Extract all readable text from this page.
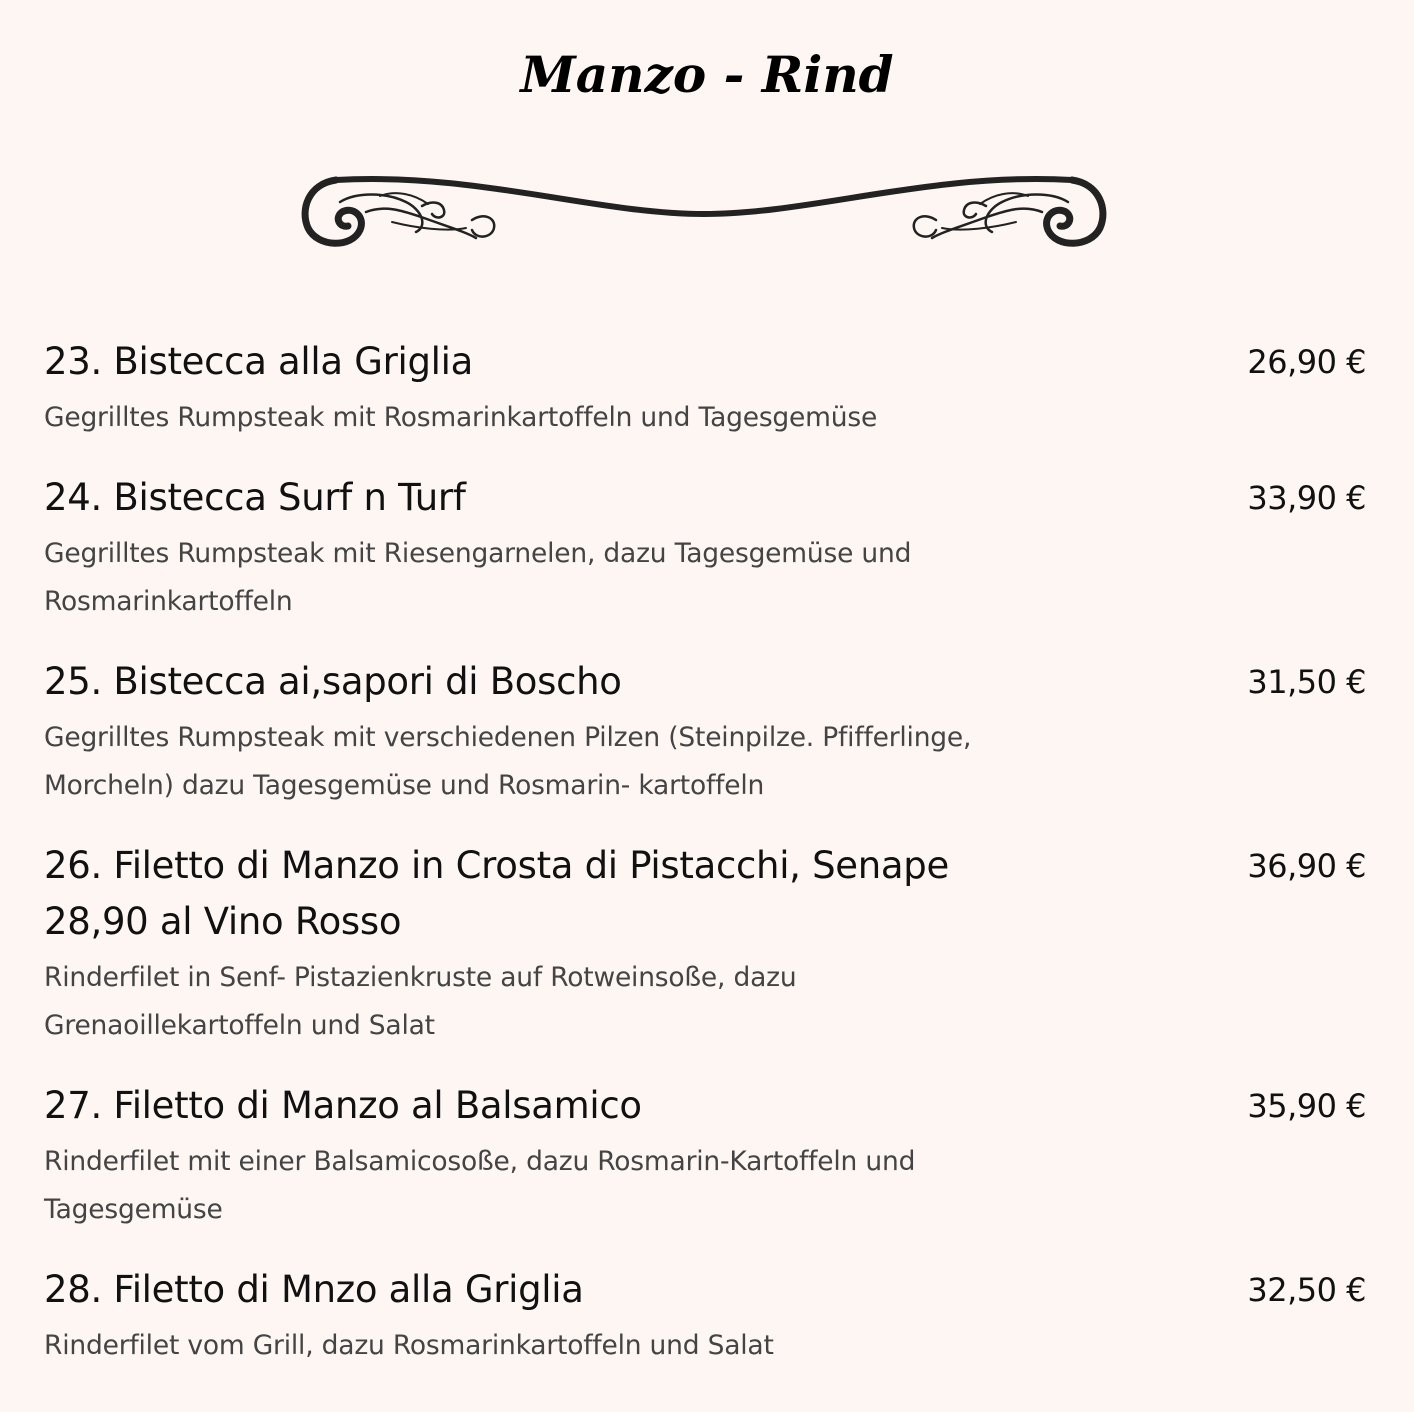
Manzo - Rind
23. Bistecca alla Griglia	26,90 €
Gegrilltes Rumpsteak mit Rosmarinkartoffeln und Tagesgemüse
24. Bistecca Surf n Turf	33,90 €
Gegrilltes Rumpsteak mit Riesengarnelen, dazu Tagesgemüse und Rosmarinkartoffeln
25. Bistecca ai,sapori di Boscho	31,50 €
Gegrilltes Rumpsteak mit verschiedenen Pilzen (Steinpilze. Pfifferlinge, Morcheln) dazu Tagesgemüse und Rosmarin- kartoffeln
26. Filetto di Manzo in Crosta di Pistacchi, Senape 28,90 al Vino Rosso
36,90 €
Rinderfilet in Senf- Pistazienkruste auf Rotweinsoße, dazu Grenaoillekartoffeln und Salat
27. Filetto di Manzo al Balsamico	35,90 €
Rinderfilet mit einer Balsamicosoße, dazu Rosmarin-Kartoffeln und Tagesgemüse
28. Filetto di Mnzo alla Griglia	32,50 €
Rinderfilet vom Grill, dazu Rosmarinkartoffeln und Salat
